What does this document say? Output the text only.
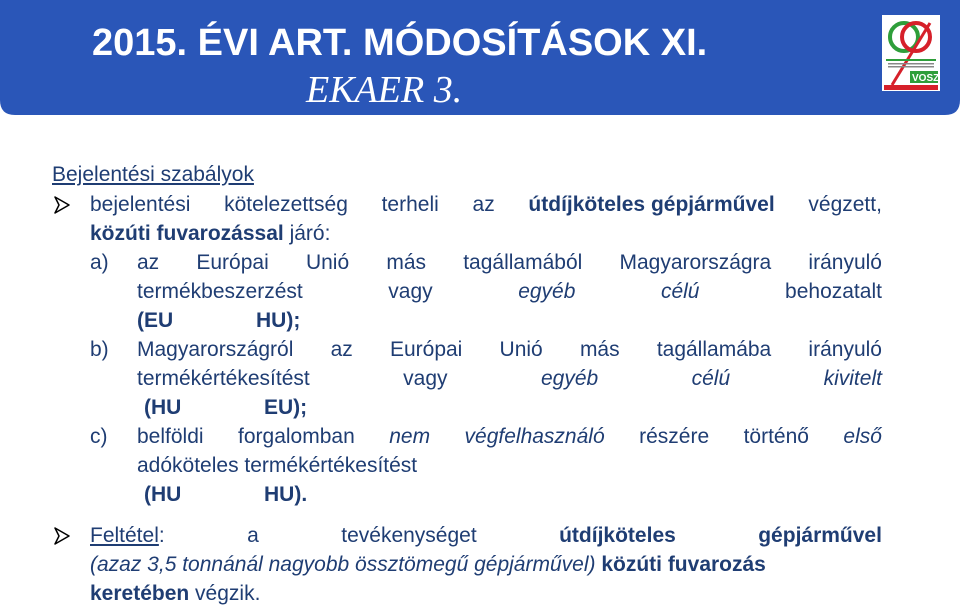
2015. ÉVI ART. MÓDOSÍTÁSOK XI.
EKAER 3.	VOSZ
Bejelentési szabályok
bejelentési kötelezettség terheli az útdíjköteles gépjárművel végzett,
közúti fuvarozással járó:
a) az Európai Unió más tagállamából Magyarországra irányuló
termékbeszerzést	vagy	egyéb	célú	behozatalt
(EU	HU);
b) Magyarországról az Európai Unió más tagállamába irányuló
termékértékesítést	vagy	egyéb	célú	kivitelt
(HU	EU);
c) belföldi forgalomban nem végfelhasználó részére történő első
adóköteles termékértékesítést
(HU	HU).
Feltétel:	a	tevékenységet	útdíjköteles	gépjárművel
(azaz 3,5 tonnánál nagyobb össztömegű gépjárművel) közúti fuvarozás
keretében végzik.
